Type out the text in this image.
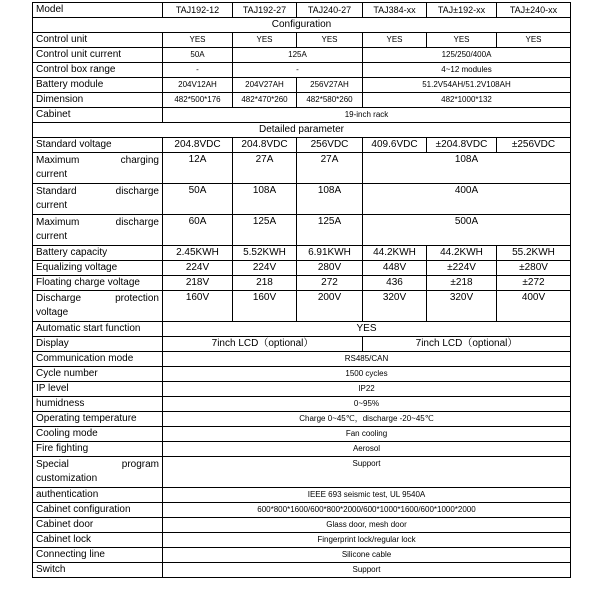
Model	TAJ192-12	TAJ192-27	TAJ240-27	TAJ384-xx	TAJ±192-xx	TAJ±240-xx
Configuration						
Control unit	YES	YES	YES	YES	YES	YES
Control unit current	50A	125A		125/250/400A		
Control box range	-	-		4~12 modules		
Battery module	204V12AH	204V27AH	256V27AH	51.2V54AH/51.2V108AH		
Dimension	482*500*176	482*470*260	482*580*260	482*1000*132		
Cabinet	19-inch rack					
Detailed parameter						
Standard voltage	204.8VDC	204.8VDC	256VDC	409.6VDC	±204.8VDC	±256VDC

Maximum charging
current	12A	27A	27A	108A		

Standard discharge
current	50A	108A	108A	400A		

Maximum discharge
current	60A	125A	125A	500A		
Battery capacity	2.45KWH	5.52KWH	6.91KWH	44.2KWH	44.2KWH	55.2KWH
Equalizing voltage	224V	224V	280V	448V	±224V	±280V
Floating charge voltage	218V	218	272	436	±218	±272

Discharge protection
voltage	160V	160V	200V	320V	320V	400V
Automatic start function	YES					
Display	7inch LCD（optional）			7inch LCD（optional）		
Communication mode	RS485/CAN					
Cycle number	1500 cycles					
IP level	IP22					
humidness	0~95%					
Operating temperature	Charge 0~45℃，discharge -20~45℃					
Cooling mode	Fan cooling					
Fire fighting	Aerosol					

Special program
customization	Support					
authentication	IEEE 693 seismic test, UL 9540A					
Cabinet configuration	600*800*1600/600*800*2000/600*1000*1600/600*1000*2000					
Cabinet door	Glass door, mesh door					
Cabinet lock	Fingerprint lock/regular lock					
Connecting line	Silicone cable					
Switch	Support					
